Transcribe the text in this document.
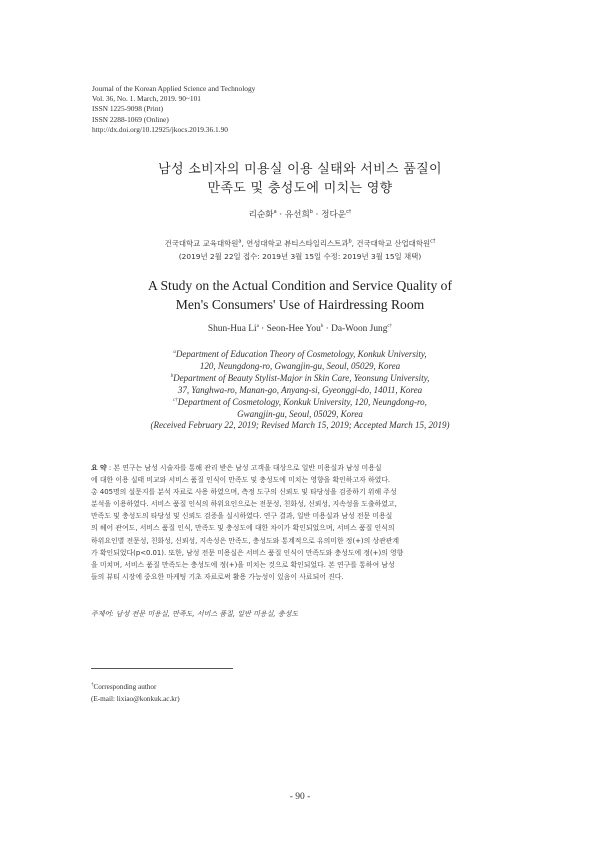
Journal of the Korean Applied Science and Technology
Vol. 36, No. 1. March, 2019. 90~101
ISSN 1225-9098 (Print)
ISSN 2288-1069 (Online)
http://dx.doi.org/10.12925/jkocs.2019.36.1.90
남성 소비자의 미용실 이용 실태와 서비스 품질이
만족도 및 충성도에 미치는 영향
리순화$^a$ · 유선희$^b$ · 정다운$^{c\dagger}$
건국대학교 교육대학원$^a$, 연성대학교 뷰티스타일리스트과$^b$, 건국대학교 산업대학원$^{c\dagger}$
(2019년 2월 22일 접수: 2019년 3월 15일 수정: 2019년 3월 15일 채택)
A Study on the Actual Condition and Service Quality of
Men's Consumers' Use of Hairdressing Room
Shun-Hua $Li^a$ · Seon-Hee You$^b$ · Da-Woon Jung$^{c\dagger}$
$^a$Department of Education Theory of Cosmetology, Konkuk University,
120, Neungdong-ro, Gwangjin-gu, Seoul, 05029, Korea
$^b$Department of Beauty Stylist-Major in Skin Care, Yeonsung University,
37, Yanghwa-ro, Manan-go, Anyang-si, Gyeonggi-do, 14011, Korea
$^{c\dagger}$Department of Cosmetology, Konkuk University, 120, Neungdong-ro,
Gwangjin-gu, Seoul, 05029, Korea
(Received February 22, 2019; Revised March 15, 2019; Accepted March 15, 2019)
요 약 : 본 연구는 남성 시술자를 통해 관리 받은 남성 고객을 대상으로 일반 미용실과 남성 미용실
에 대한 이용 실태 비교와 서비스 품질 인식이 만족도 및 충성도에 미치는 영향을 확인하고자 하였다.
총 405명의 설문지를 분석 자료로 사용 하였으며, 측정 도구의 신뢰도 및 타당성을 검증하기 위해 주성
분석을 이용하였다. 서비스 품질 인식의 하위요인으로는 전문성, 친화성, 신뢰성, 지속성을 도출하였고,
만족도 및 충성도의 타당성 및 신뢰도 검증을 실시하였다. 연구 결과, 일반 미용실과 남성 전문 미용실
의 헤어 관여도, 서비스 품질 인식, 만족도 및 충성도에 대한 차이가 확인되었으며, 서비스 품질 인식의
하위요인별 전문성, 친화성, 신뢰성, 지속성은 만족도, 충성도와 통계적으로 유의미한 정(+)의 상관관계
가 확인되었다(p<0.01). 또한, 남성 전문 미용실은 서비스 품질 인식이 만족도와 충성도에 정(+)의 영향
을 미치며, 서비스 품질 만족도는 충성도에 정(+)을 미치는 것으로 확인되었다. 본 연구를 통하여 남성
들의 뷰티 시장에 중요한 마케팅 기초 자료로써 활용 가능성이 있음이 사료되어 진다.
주제어: 남성 전문 미용실, 만족도, 서비스 품질, 일반 미용실, 충성도
†Corresponding author
(E-mail: lixiao@konkuk.ac.kr)
- 90 -
